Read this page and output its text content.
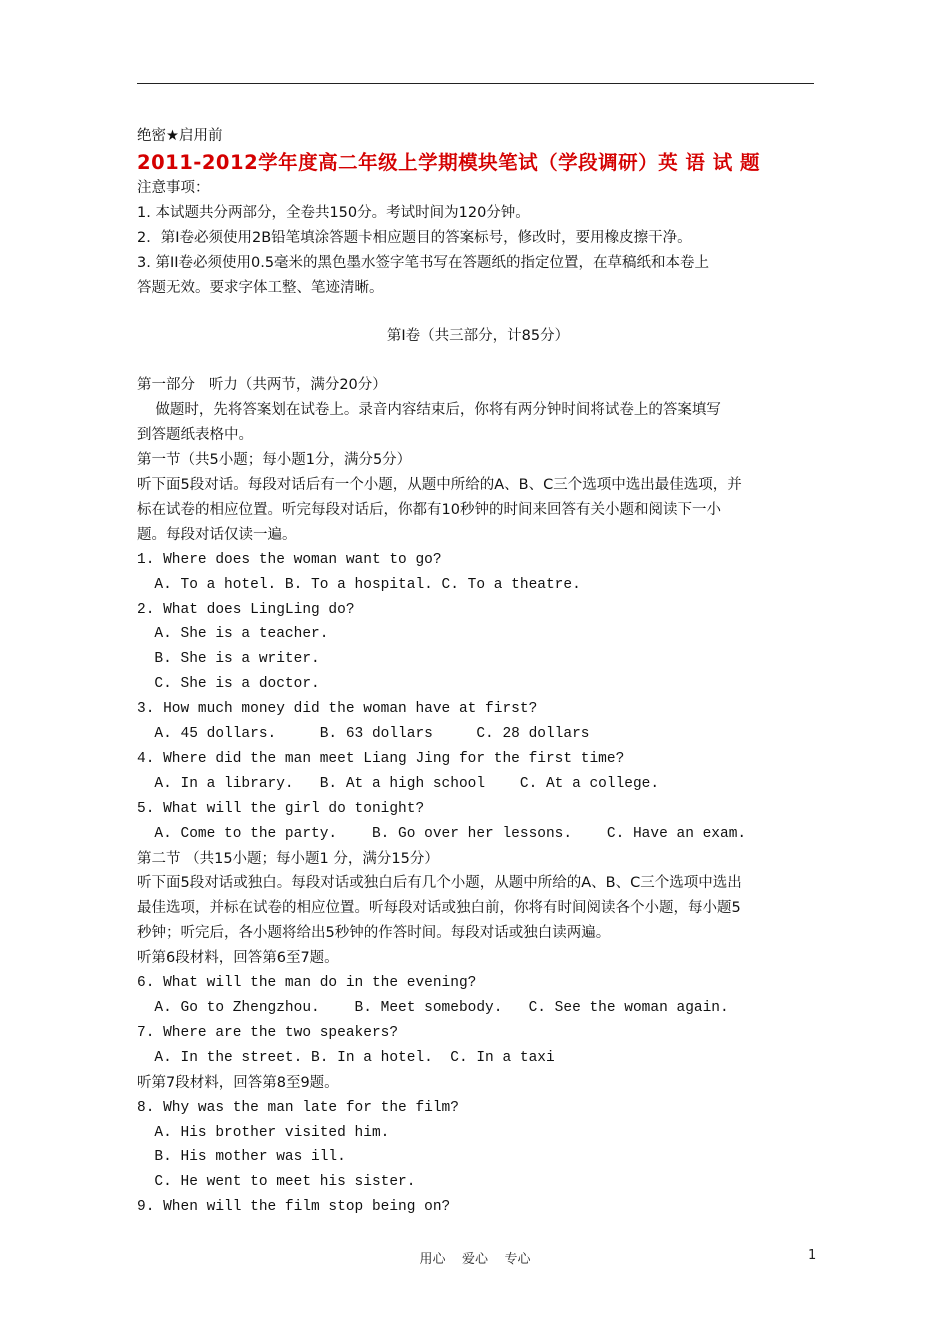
绝密★启用前
2011-2012学年度高二年级上学期模块笔试（学段调研）英 语 试 题
注意事项：
1. 本试题共分两部分，全卷共150分。考试时间为120分钟。
2．第Ⅰ卷必须使用2B铅笔填涂答题卡相应题目的答案标号，修改时，要用橡皮擦干净。
3. 第II卷必须使用0.5毫米的黑色墨水签字笔书写在答题纸的指定位置，在草稿纸和本卷上
答题无效。要求字体工整、笔迹清晰。
第Ⅰ卷（共三部分，计85分）
第一部分   听力（共两节，满分20分）
做题时，先将答案划在试卷上。录音内容结束后，你将有两分钟时间将试卷上的答案填写
到答题纸表格中。
第一节（共5小题；每小题1分，满分5分）
听下面5段对话。每段对话后有一个小题，从题中所给的A、B、C三个选项中选出最佳选项，并
标在试卷的相应位置。听完每段对话后，你都有10秒钟的时间来回答有关小题和阅读下一小
题。每段对话仅读一遍。
1. Where does the woman want to go?
A. To a hotel. B. To a hospital. C. To a theatre.
2. What does LingLing do?
A. She is a teacher.
B. She is a writer.
C. She is a doctor.
3. How much money did the woman have at first?
A. 45 dollars.     B. 63 dollars     C. 28 dollars
4. Where did the man meet Liang Jing for the first time?
A. In a library.   B. At a high school    C. At a college.
5. What will the girl do tonight?
A. Come to the party.    B. Go over her lessons.    C. Have an exam.
第二节 （共15小题；每小题1 分，满分15分）
听下面5段对话或独白。每段对话或独白后有几个小题，从题中所给的A、B、C三个选项中选出
最佳选项，并标在试卷的相应位置。听每段对话或独白前，你将有时间阅读各个小题，每小题5
秒钟；听完后，各小题将给出5秒钟的作答时间。每段对话或独白读两遍。
听第6段材料，回答第6至7题。
6. What will the man do in the evening?
A. Go to Zhengzhou.    B. Meet somebody.   C. See the woman again.
7. Where are the two speakers?
A. In the street. B. In a hotel.  C. In a taxi
听第7段材料，回答第8至9题。
8. Why was the man late for the film?
A. His brother visited him.
B. His mother was ill.
C. He went to meet his sister.
9. When will the film stop being on?
用心    爱心    专心	1
